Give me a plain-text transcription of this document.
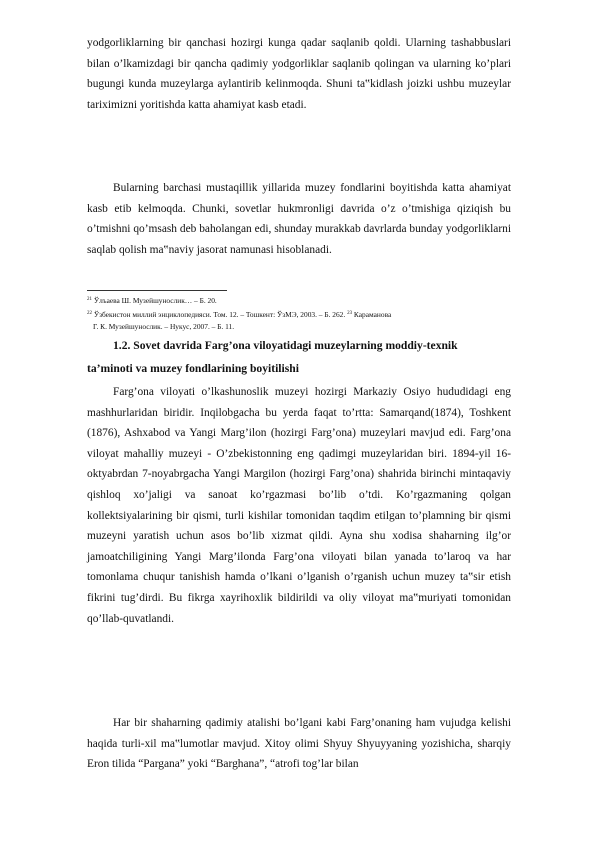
yodgorliklarning bir qanchasi hozirgi kunga qadar saqlanib qoldi. Ularning tashabbuslari bilan o’lkamizdagi bir qancha qadimiy yodgorliklar saqlanib qolingan va ularning ko’plari bugungi kunda muzeylarga aylantirib kelinmoqda. Shuni ta‟kidlash joizki ushbu muzeylar tariximizni yoritishda katta ahamiyat kasb etadi.

Bularning barchasi mustaqillik yillarida muzey fondlarini boyitishda katta ahamiyat kasb etib kelmoqda. Chunki, sovetlar hukmronligi davrida o’z o’tmishiga qiziqish bu o’tmishni qo’msash deb baholangan edi, shunday murakkab davrlarda bunday yodgorliklarni saqlab qolish ma‟naviy jasorat namunasi hisoblanadi.

$^{21}$ Ўлъаева Ш. Музейшунослик… – Б. 20.

$^{22}$ Ўзбекистон миллий энциклопедияси. Том. 12. – Тошкент: ЎзМЭ, 2003. – Б. 262. $^{23}$ Караманова

Г. К. Музейшунослик. – Нукус, 2007. – Б. 11.

1.2. Sovet davrida Farg’ona viloyatidagi muzeylarning moddiy-texnik

ta’minoti va muzey fondlarining boyitilishi

Farg’ona viloyati o’lkashunoslik muzeyi hozirgi Markaziy Osiyo hududidagi eng mashhurlaridan biridir. Inqilobgacha bu yerda faqat to’rtta: Samarqand(1874), Toshkent (1876), Ashxabod va Yangi Marg’ilon (hozirgi Farg’ona) muzeylari mavjud edi. Farg’ona viloyat mahalliy muzeyi - O’zbekistonning eng qadimgi muzeylaridan biri. 1894-yil 16-oktyabrdan 7-noyabrgacha Yangi Margilon (hozirgi Farg’ona) shahrida birinchi mintaqaviy qishloq xo’jaligi va sanoat ko’rgazmasi bo’lib o’tdi. Ko’rgazmaning qolgan kollektsiyalarining bir qismi, turli kishilar tomonidan taqdim etilgan to’plamning bir qismi muzeyni yaratish uchun asos bo’lib xizmat qildi. Ayna shu xodisa shaharning ilg’or jamoatchiligining Yangi Marg’ilonda Farg’ona viloyati bilan yanada to’laroq va har tomonlama chuqur tanishish hamda o’lkani o’lganish o’rganish uchun muzey ta‟sir etish fikrini tug’dirdi. Bu fikrga xayrihoxlik bildirildi va oliy viloyat ma‟muriyati tomonidan qo’llab-quvatlandi.

Har bir shaharning qadimiy atalishi bo’lgani kabi Farg’onaning ham vujudga kelishi haqida turli-xil ma‟lumotlar mavjud. Xitoy olimi Shyuy Shyuyyaning yozishicha, sharqiy Eron tilida “Pargana” yoki “Barghana”, “atrofi tog’lar bilan
